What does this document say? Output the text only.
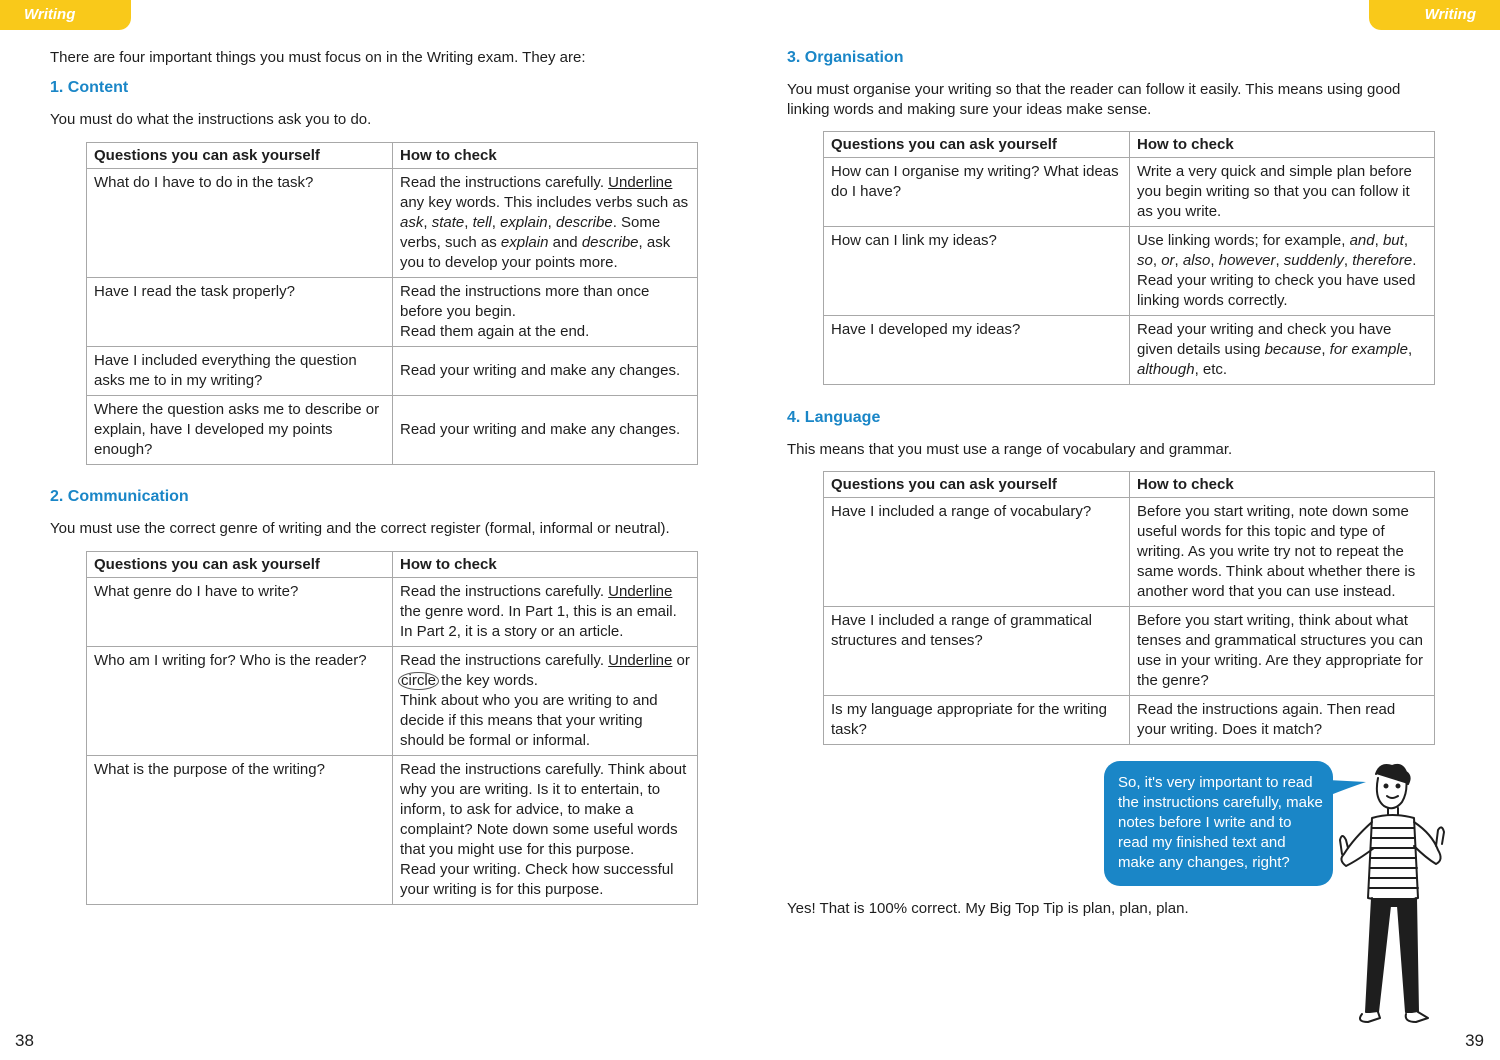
Writing	Writing

There are four important things you must focus on in the Writing exam. They are:

1. Content

You must do what the instructions ask you to do.

Questions you can ask yourself	How to check
What do I have to do in the task?	Read the instructions carefully. Underline any key words. This includes verbs such as ask, state, tell, explain, describe. Some verbs, such as explain and describe, ask you to develop your points more.
Have I read the task properly?	Read the instructions more than once before you begin.
Read them again at the end.
Have I included everything the question asks me to in my writing?	Read your writing and make any changes.
Where the question asks me to describe or explain, have I developed my points enough?	Read your writing and make any changes.
2. Communication

You must use the correct genre of writing and the correct register (formal, informal or neutral).

Questions you can ask yourself	How to check
What genre do I have to write?	Read the instructions carefully. Underline the genre word. In Part 1, this is an email.
In Part 2, it is a story or an article.
Who am I writing for? Who is the reader?	Read the instructions carefully. Underline or circle the key words.
Think about who you are writing to and decide if this means that your writing should be formal or informal.
What is the purpose of the writing?	Read the instructions carefully. Think about why you are writing. Is it to entertain, to inform, to ask for advice, to make a complaint? Note down some useful words that you might use for this purpose.
Read your writing. Check how successful your writing is for this purpose.
3. Organisation

You must organise your writing so that the reader can follow it easily. This means using good linking words and making sure your ideas make sense.

Questions you can ask yourself	How to check
How can I organise my writing? What ideas do I have?	Write a very quick and simple plan before you begin writing so that you can follow it as you write.
How can I link my ideas?	Use linking words; for example, and, but, so, or, also, however, suddenly, therefore. Read your writing to check you have used linking words correctly.
Have I developed my ideas?	Read your writing and check you have given details using because, for example, although, etc.
4. Language

This means that you must use a range of vocabulary and grammar.

Questions you can ask yourself	How to check
Have I included a range of vocabulary?	Before you start writing, note down some useful words for this topic and type of writing. As you write try not to repeat the same words. Think about whether there is another word that you can use instead.
Have I included a range of grammatical structures and tenses?	Before you start writing, think about what tenses and grammatical structures you can use in your writing. Are they appropriate for the genre?
Is my language appropriate for the writing task?	Read the instructions again. Then read your writing. Does it match?
So, it's very important to read the instructions carefully, make notes before I write and to read my finished text and make any changes, right?

Yes! That is 100% correct. My Big Top Tip is plan, plan, plan.

38	39
